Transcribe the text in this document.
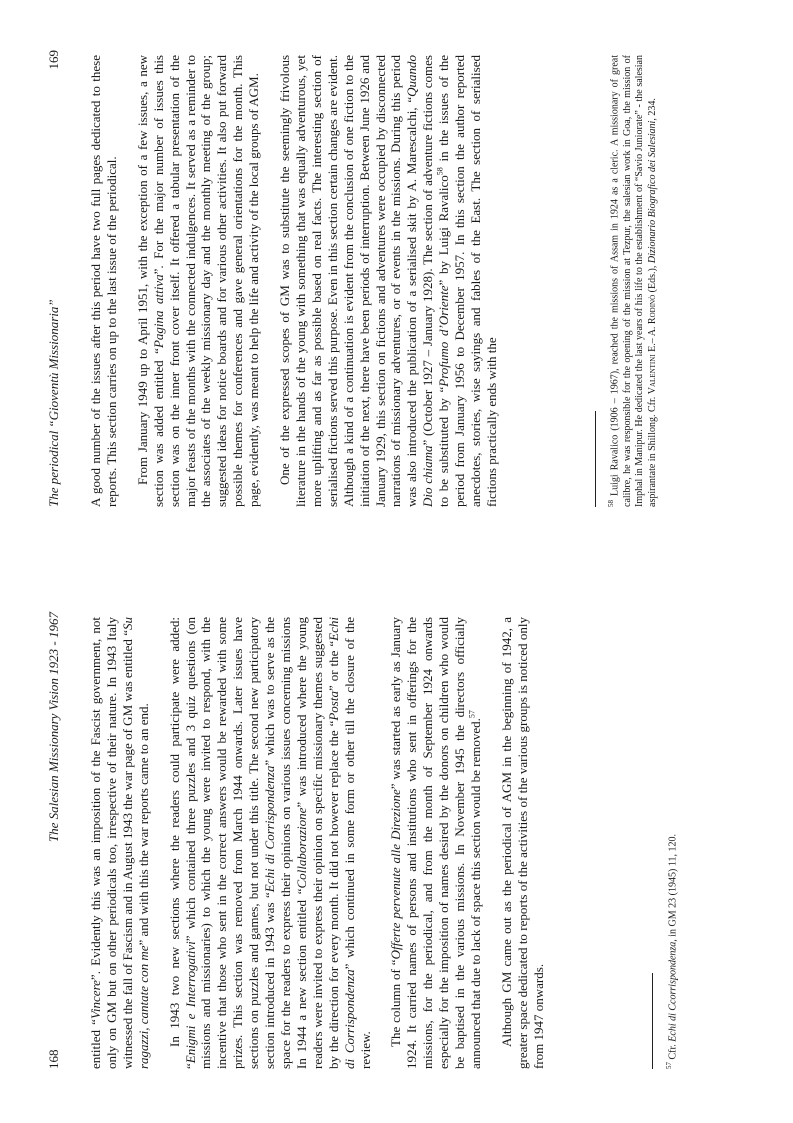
168
The Salesian Missionary Vision 1923 - 1967

entitled “Vincere”. Evidently this was an imposition of the Fascist government, not only on GM but on other periodicals too, irrespective of their nature. In 1943 Italy witnessed the fall of Fascism and in August 1943 the war page of GM was entitled “Su ragazzi, cantate con me” and with this the war reports came to an end. In 1943 two new sections where the readers could participate were added: “Enigmi e Interrogativi” which contained three puzzles and 3 quiz questions (on missions and missionaries) to which the young were invited to respond, with the incentive that those who sent in the correct answers would be rewarded with some prizes. This section was removed from March 1944 onwards. Later issues have sections on puzzles and games, but not under this title. The second new participatory section introduced in 1943 was “Echi di Corrispondenza” which was to serve as the space for the readers to express their opinions on various issues concerning missions In 1944 a new section entitled “Collaborazione” was introduced where the young readers were invited to express their opinion on specific missionary themes suggested by the direction for every month. It did not however replace the “Posta” or the “Echi di Corrispondenza” which continued in some form or other till the closure of the review.

The column of “Offerte pervenute alle Direzione” was started as early as January 1924. It carried names of persons and institutions who sent in offerings for the missions, for the periodical, and from the month of September 1924 onwards especially for the imposition of names desired by the donors on children who would be baptised in the various missions. In November 1945 the directors officially announced that due to lack of space this section would be removed.$^{57}$	Although GM came out as the periodical of AGM in the beginning of 1942, a greater space dedicated to reports of the activities of the various groups is noticed only from 1947 onwards.	$^{57}$ Cfr. Echi di Ccorrispondenza, in GM 23 (1945) 11, 120.
The periodical “Gioventù Missionaria”
169 A good number of the issues after this period have two full pages dedicated to these reports. This section carries on up to the last issue of the periodical. From January 1949 up to April 1951, with the exception of a few issues, a new section was added entitled “Pagina attiva”. For the major number of issues this section was on the inner front cover itself. It offered a tabular presentation of the major feasts of the months with the connected indulgences. It served as a reminder to the associates of the weekly missionary day and the monthly meeting of the group; suggested ideas for notice boards and for various other activities. It also put forward possible themes for conferences and gave general orientations for the month. This page, evidently, was meant to help the life and activity of the local groups of AGM. One of the expressed scopes of GM was to substitute the seemingly frivolous literature in the hands of the young with something that was equally adventurous, yet more uplifting and as far as possible based on real facts. The interesting section of serialised fictions served this purpose. Even in this section certain changes are evident. Although a kind of a continuation is evident from the conclusion of one fiction to the initiation of the next, there have been periods of interruption. Between June 1926 and January 1929, this section on fictions and adventures were occupied by disconnected narrations of missionary adventures, or of events in the missions. During this period was also introduced the publication of a serialised skit by A. Marescalchi, “Quando Dio chiama” (October 1927 – January 1928). The section of adventure fictions comes to be substituted by “Profumo d’Oriente” by Luigi Ravalico$^{58}$ in the issues of the period from January 1956 to December 1957. In this section the author reported anecdotes, stories, wise sayings and fables of the East. The section of serialised fictions practically ends with the	$^{58}$ Luigi Ravalico (1906 – 1967), reached the missions of Assam in 1924 as a cleric. A missionary of great calibre, he was responsible for the opening of the mission at Tezpur, the salesian work in Goa, the mission of Imphal in Manipur. He dedicated the last years of his life to the establishment of “Savio Juniorate” - the salesian aspirantate in Shillong. Cfr. Valentini E.– A. Rodinò (Eds.), Dizionario Biografico dei Salesiani, 234.
